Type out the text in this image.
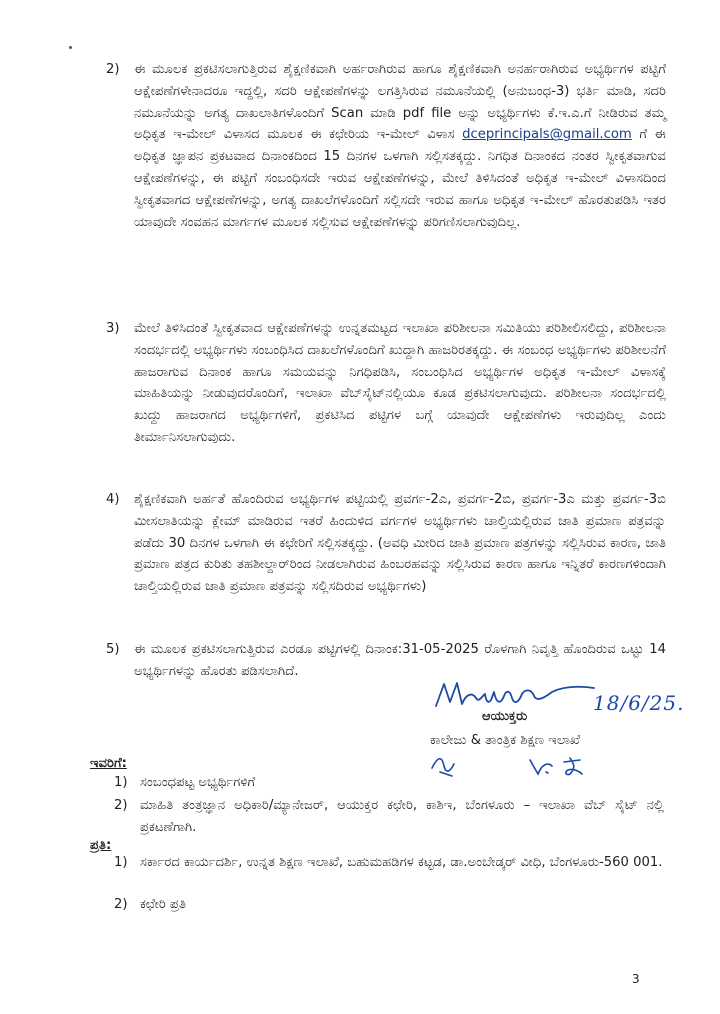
2)	ಈ ಮೂಲಕ ಪ್ರಕಟಿಸಲಾಗುತ್ತಿರುವ ಶೈಕ್ಷಣಿಕವಾಗಿ ಅರ್ಹರಾಗಿರುವ ಹಾಗೂ ಶೈಕ್ಷಣಿಕವಾಗಿ ಅನರ್ಹರಾಗಿರುವ ಅಭ್ಯರ್ಥಿಗಳ ಪಟ್ಟಿಗೆ ಆಕ್ಷೇಪಣೆಗಳೇನಾದರೂ ಇದ್ದಲ್ಲಿ, ಸದರಿ ಆಕ್ಷೇಪಣೆಗಳನ್ನು ಲಗತ್ತಿಸಿರುವ ನಮೂನೆಯಲ್ಲಿ (ಅನುಬಂಧ-3) ಭರ್ತಿ ಮಾಡಿ, ಸದರಿ ನಮೂನೆಯನ್ನು ಅಗತ್ಯ ದಾಖಲಾತಿಗಳೊಂದಿಗೆ Scan ಮಾಡಿ pdf file ಅನ್ನು ಅಭ್ಯರ್ಥಿಗಳು ಕೆ.ಇ.ಎ.ಗೆ ನೀಡಿರುವ ತಮ್ಮ ಅಧಿಕೃತ ಇ-ಮೇಲ್ ವಿಳಾಸದ ಮೂಲಕ ಈ ಕಛೇರಿಯ ಇ-ಮೇಲ್ ವಿಳಾಸ dceprincipals@gmail.com ಗೆ ಈ ಅಧಿಕೃತ ಜ್ಞಾಪನ ಪ್ರಕಟವಾದ ದಿನಾಂಕದಿಂದ 15 ದಿನಗಳ ಒಳಗಾಗಿ ಸಲ್ಲಿಸತಕ್ಕದ್ದು. ನಿಗಧಿತ ದಿನಾಂಕದ ನಂತರ ಸ್ವೀಕೃತವಾಗುವ ಆಕ್ಷೇಪಣೆಗಳನ್ನು, ಈ ಪಟ್ಟಿಗೆ ಸಂಬಂಧಿಸದೇ ಇರುವ ಆಕ್ಷೇಪಣೆಗಳನ್ನು, ಮೇಲೆ ತಿಳಿಸಿದಂತೆ ಅಧಿಕೃತ ಇ-ಮೇಲ್ ವಿಳಾಸದಿಂದ ಸ್ವೀಕೃತವಾಗದ ಆಕ್ಷೇಪಣೆಗಳನ್ನು, ಅಗತ್ಯ ದಾಖಲೆಗಳೊಂದಿಗೆ ಸಲ್ಲಿಸದೇ ಇರುವ ಹಾಗೂ ಅಧಿಕೃತ ಇ-ಮೇಲ್ ಹೊರತುಪಡಿಸಿ ಇತರ ಯಾವುದೇ ಸಂವಹನ ಮಾರ್ಗಗಳ ಮೂಲಕ ಸಲ್ಲಿಸುವ ಆಕ್ಷೇಪಣೆಗಳನ್ನು ಪರಿಗಣಿಸಲಾಗುವುದಿಲ್ಲ.
3)	ಮೇಲೆ ತಿಳಿಸಿದಂತೆ ಸ್ವೀಕೃತವಾದ ಆಕ್ಷೇಪಣೆಗಳನ್ನು ಉನ್ನತಮಟ್ಟದ ಇಲಾಖಾ ಪರಿಶೀಲನಾ ಸಮಿತಿಯು ಪರಿಶೀಲಿಸಲಿದ್ದು, ಪರಿಶೀಲನಾ ಸಂದರ್ಭದಲ್ಲಿ ಅಭ್ಯರ್ಥಿಗಳು ಸಂಬಂಧಿಸಿದ ದಾಖಲೆಗಳೊಂದಿಗೆ ಖುದ್ದಾಗಿ ಹಾಜರಿರತಕ್ಕದ್ದು. ಈ ಸಂಬಂಧ ಅಭ್ಯರ್ಥಿಗಳು ಪರಿಶೀಲನೆಗೆ ಹಾಜರಾಗುವ ದಿನಾಂಕ ಹಾಗೂ ಸಮಯವನ್ನು ನಿಗಧಿಪಡಿಸಿ, ಸಂಬಂಧಿಸಿದ ಅಭ್ಯರ್ಥಿಗಳ ಅಧಿಕೃತ ಇ-ಮೇಲ್ ವಿಳಾಸಕ್ಕೆ ಮಾಹಿತಿಯನ್ನು ನೀಡುವುದರೊಂದಿಗೆ, ಇಲಾಖಾ ವೆಬ್‌ಸೈಟ್‌ನಲ್ಲಿಯೂ ಕೂಡ ಪ್ರಕಟಿಸಲಾಗುವುದು. ಪರಿಶೀಲನಾ ಸಂದರ್ಭದಲ್ಲಿ ಖುದ್ದು ಹಾಜರಾಗದ ಅಭ್ಯರ್ಥಿಗಳಿಗೆ, ಪ್ರಕಟಿಸಿದ ಪಟ್ಟಿಗಳ ಬಗ್ಗೆ ಯಾವುದೇ ಆಕ್ಷೇಪಣೆಗಳು ಇರುವುದಿಲ್ಲ ಎಂದು ತೀರ್ಮಾನಿಸಲಾಗುವುದು.
4)	ಶೈಕ್ಷಣಿಕವಾಗಿ ಅರ್ಹತೆ ಹೊಂದಿರುವ ಅಭ್ಯರ್ಥಿಗಳ ಪಟ್ಟಿಯಲ್ಲಿ ಪ್ರವರ್ಗ-2ಎ, ಪ್ರವರ್ಗ-2ಬಿ, ಪ್ರವರ್ಗ-3ಎ ಮತ್ತು ಪ್ರವರ್ಗ-3ಬಿ ಮೀಸಲಾತಿಯನ್ನು ಕ್ಲೇಮ್ ಮಾಡಿರುವ ಇತರೆ ಹಿಂದುಳಿದ ವರ್ಗಗಳ ಅಭ್ಯರ್ಥಿಗಳು ಚಾಲ್ತಿಯಲ್ಲಿರುವ ಜಾತಿ ಪ್ರಮಾಣ ಪತ್ರವನ್ನು ಪಡೆದು 30 ದಿನಗಳ ಒಳಗಾಗಿ ಈ ಕಛೇರಿಗೆ ಸಲ್ಲಿಸತಕ್ಕದ್ದು. (ಅವಧಿ ಮೀರಿದ ಜಾತಿ ಪ್ರಮಾಣ ಪತ್ರಗಳನ್ನು ಸಲ್ಲಿಸಿರುವ ಕಾರಣ, ಜಾತಿ ಪ್ರಮಾಣ ಪತ್ರದ ಕುರಿತು ತಹಶೀಲ್ದಾರ್‌ರಿಂದ ನೀಡಲಾಗಿರುವ ಹಿಂಬರಹವನ್ನು ಸಲ್ಲಿಸಿರುವ ಕಾರಣ ಹಾಗೂ ಇನ್ನಿತರೆ ಕಾರಣಗಳಿಂದಾಗಿ ಚಾಲ್ತಿಯಲ್ಲಿರುವ ಜಾತಿ ಪ್ರಮಾಣ ಪತ್ರವನ್ನು ಸಲ್ಲಿಸದಿರುವ ಅಭ್ಯರ್ಥಿಗಳು)
5)	ಈ ಮೂಲಕ ಪ್ರಕಟಿಸಲಾಗುತ್ತಿರುವ ಎರಡೂ ಪಟ್ಟಿಗಳಲ್ಲಿ ದಿನಾಂಕ:31-05-2025 ರೊಳಗಾಗಿ ನಿವೃತ್ತಿ ಹೊಂದಿರುವ ಒಟ್ಟು 14 ಅಭ್ಯರ್ಥಿಗಳನ್ನು ಹೊರತು ಪಡಿಸಲಾಗಿದೆ.
18/6/25.
ಆಯುಕ್ತರು
ಕಾಲೇಜು & ತಾಂತ್ರಿಕ ಶಿಕ್ಷಣ ಇಲಾಖೆ
ಇವರಿಗೆ:
1) ಸಂಬಂಧಪಟ್ಟ ಅಭ್ಯರ್ಥಿಗಳಿಗೆ
2) ಮಾಹಿತಿ ತಂತ್ರಜ್ಞಾನ ಅಧಿಕಾರಿ/ಮ್ಯಾನೇಜರ್, ಆಯುಕ್ತರ ಕಛೇರಿ, ಕಾಶಿಇ, ಬೆಂಗಳೂರು – ಇಲಾಖಾ ವೆಬ್ ಸೈಟ್ ನಲ್ಲಿ ಪ್ರಕಟಣೆಗಾಗಿ.
ಪ್ರತಿ:
1) ಸರ್ಕಾರದ ಕಾರ್ಯದರ್ಶಿ, ಉನ್ನತ ಶಿಕ್ಷಣ ಇಲಾಖೆ, ಬಹುಮಹಡಿಗಳ ಕಟ್ಟಡ, ಡಾ.ಅಂಬೇಡ್ಕರ್ ವೀಧಿ, ಬೆಂಗಳೂರು-560 001.
2) ಕಛೇರಿ ಪ್ರತಿ
3
